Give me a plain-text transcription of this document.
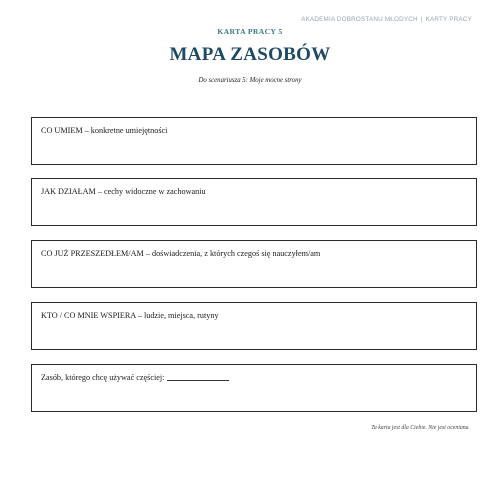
AKADEMIA DOBROSTANU MŁODYCH | KARTY PRACY
KARTA PRACY 5
MAPA ZASOBÓW
Do scenariusza 5: Moje mocne strony
CO UMIEM – konkretne umiejętności
JAK DZIAŁAM – cechy widoczne w zachowaniu
CO JUŻ PRZESZEDŁEM/AM – doświadczenia, z których czegoś się nauczyłem/am
KTO / CO MNIE WSPIERA – ludzie, miejsca, rutyny
Zasób, którego chcę używać częściej:
Ta karta jest dla Ciebie. Nie jest oceniana.
